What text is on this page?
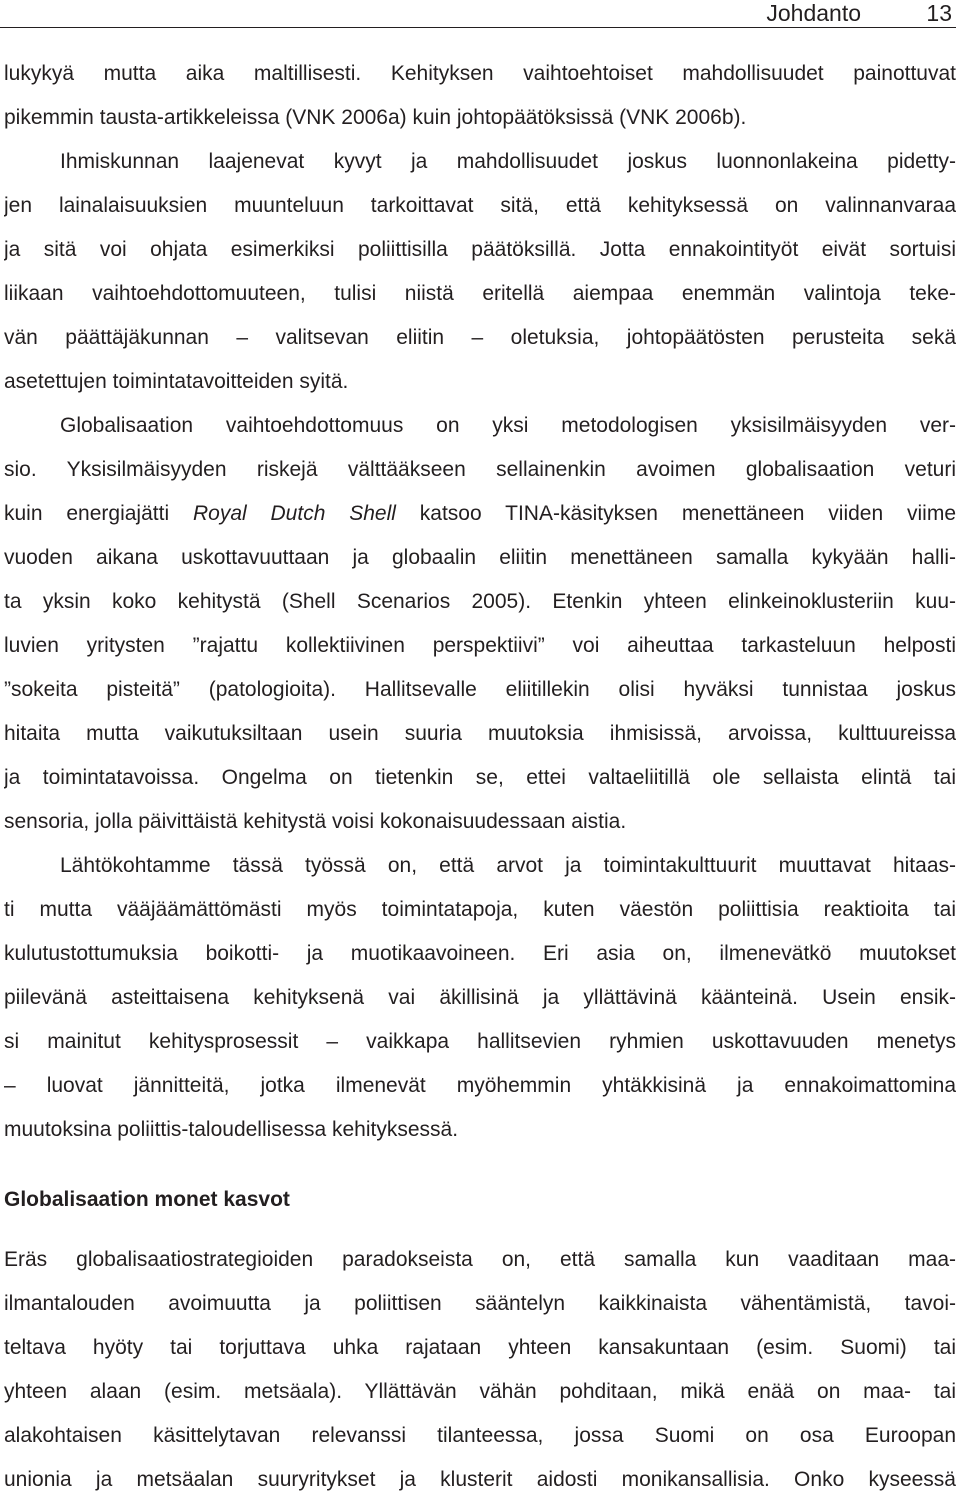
Johdanto	13
lukykyä mutta aika maltillisesti. Kehityksen vaihtoehtoiset mahdollisuudet painottuvat
pikemmin tausta-artikkeleissa (VNK 2006a) kuin johtopäätöksissä (VNK 2006b).
Ihmiskunnan laajenevat kyvyt ja mahdollisuudet joskus luonnonlakeina pidetty-
jen lainalaisuuksien muunteluun tarkoittavat sitä, että kehityksessä on valinnanvaraa
ja sitä voi ohjata esimerkiksi poliittisilla päätöksillä. Jotta ennakointityöt eivät sortuisi
liikaan vaihtoehdottomuuteen, tulisi niistä eritellä aiempaa enemmän valintoja teke-
vän päättäjäkunnan – valitsevan eliitin – oletuksia, johtopäätösten perusteita sekä
asetettujen toimintatavoitteiden syitä.
Globalisaation vaihtoehdottomuus on yksi metodologisen yksisilmäisyyden ver-
sio. Yksisilmäisyyden riskejä välttääkseen sellainenkin avoimen globalisaation veturi
kuin energiajätti Royal Dutch Shell katsoo TINA-käsityksen menettäneen viiden viime
vuoden aikana uskottavuuttaan ja globaalin eliitin menettäneen samalla kykyään halli-
ta yksin koko kehitystä (Shell Scenarios 2005). Etenkin yhteen elinkeinoklusteriin kuu-
luvien yritysten ”rajattu kollektiivinen perspektiivi” voi aiheuttaa tarkasteluun helposti
”sokeita pisteitä” (patologioita). Hallitsevalle eliitillekin olisi hyväksi tunnistaa joskus
hitaita mutta vaikutuksiltaan usein suuria muutoksia ihmisissä, arvoissa, kulttuureissa
ja toimintatavoissa. Ongelma on tietenkin se, ettei valtaeliitillä ole sellaista elintä tai
sensoria, jolla päivittäistä kehitystä voisi kokonaisuudessaan aistia.
Lähtökohtamme tässä työssä on, että arvot ja toimintakulttuurit muuttavat hitaas-
ti mutta vääjäämättömästi myös toimintatapoja, kuten väestön poliittisia reaktioita tai
kulutustottumuksia boikotti- ja muotikaavoineen. Eri asia on, ilmenevätkö muutokset
piilevänä asteittaisena kehityksenä vai äkillisinä ja yllättävinä käänteinä. Usein ensik-
si mainitut kehitysprosessit – vaikkapa hallitsevien ryhmien uskottavuuden menetys
– luovat jännitteitä, jotka ilmenevät myöhemmin yhtäkkisinä ja ennakoimattomina
muutoksina poliittis-taloudellisessa kehityksessä.
Globalisaation monet kasvot
Eräs globalisaatiostrategioiden paradokseista on, että samalla kun vaaditaan maa-
ilmantalouden avoimuutta ja poliittisen sääntelyn kaikkinaista vähentämistä, tavoi-
teltava hyöty tai torjuttava uhka rajataan yhteen kansakuntaan (esim. Suomi) tai
yhteen alaan (esim. metsäala). Yllättävän vähän pohditaan, mikä enää on maa- tai
alakohtaisen käsittelytavan relevanssi tilanteessa, jossa Suomi on osa Euroopan
unionia ja metsäalan suuryritykset ja klusterit aidosti monikansallisia. Onko kyseessä
